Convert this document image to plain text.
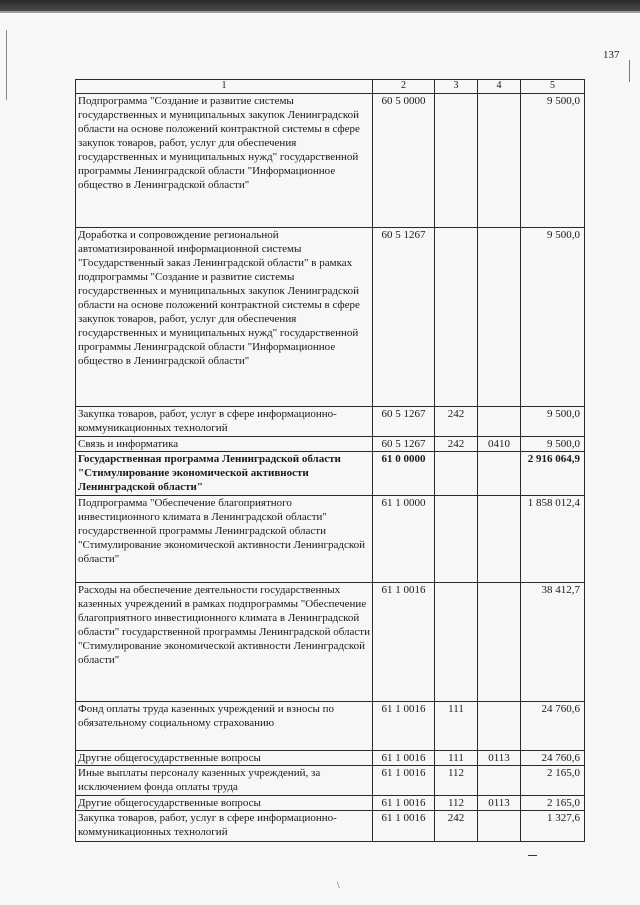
137
1	2	3	4	5
Подпрограмма "Создание и развитие системы государственных и муниципальных закупок Ленинградской области на основе положений контрактной системы в сфере закупок товаров, работ, услуг для обеспечения государственных и муниципальных нужд" государственной программы Ленинградской области "Информационное общество в Ленинградской области"	60 5 0000			9 500,0
Доработка и сопровождение региональной автоматизированной информационной системы "Государственный заказ Ленинградской области" в рамках подпрограммы "Создание и развитие системы государственных и муниципальных закупок Ленинградской области на основе положений контрактной системы в сфере закупок товаров, работ, услуг для обеспечения государственных и муниципальных нужд" государственной программы Ленинградской области "Информационное общество в Ленинградской области"	60 5 1267			9 500,0
Закупка товаров, работ, услуг в сфере информационно-коммуникационных технологий	60 5 1267	242		9 500,0
Связь и информатика	60 5 1267	242	0410	9 500,0
Государственная программа Ленинградской области "Стимулирование экономической активности Ленинградской области"	61 0 0000			2 916 064,9
Подпрограмма "Обеспечение благоприятного инвестиционного климата в Ленинградской области" государственной программы Ленинградской области "Стимулирование экономической активности Ленинградской области"	61 1 0000			1 858 012,4
Расходы на обеспечение деятельности государственных казенных учреждений в рамках подпрограммы "Обеспечение благоприятного инвестиционного климата в Ленинградской области" государственной программы Ленинградской области "Стимулирование экономической активности Ленинградской области"	61 1 0016			38 412,7
Фонд оплаты труда казенных учреждений и взносы по обязательному социальному страхованию	61 1 0016	111		24 760,6
Другие общегосударственные вопросы	61 1 0016	111	0113	24 760,6
Иные выплаты персоналу казенных учреждений, за исключением фонда оплаты труда	61 1 0016	112		2 165,0
Другие общегосударственные вопросы	61 1 0016	112	0113	2 165,0
Закупка товаров, работ, услуг в сфере информационно-коммуникационных технологий	61 1 0016	242		1 327,6
\
